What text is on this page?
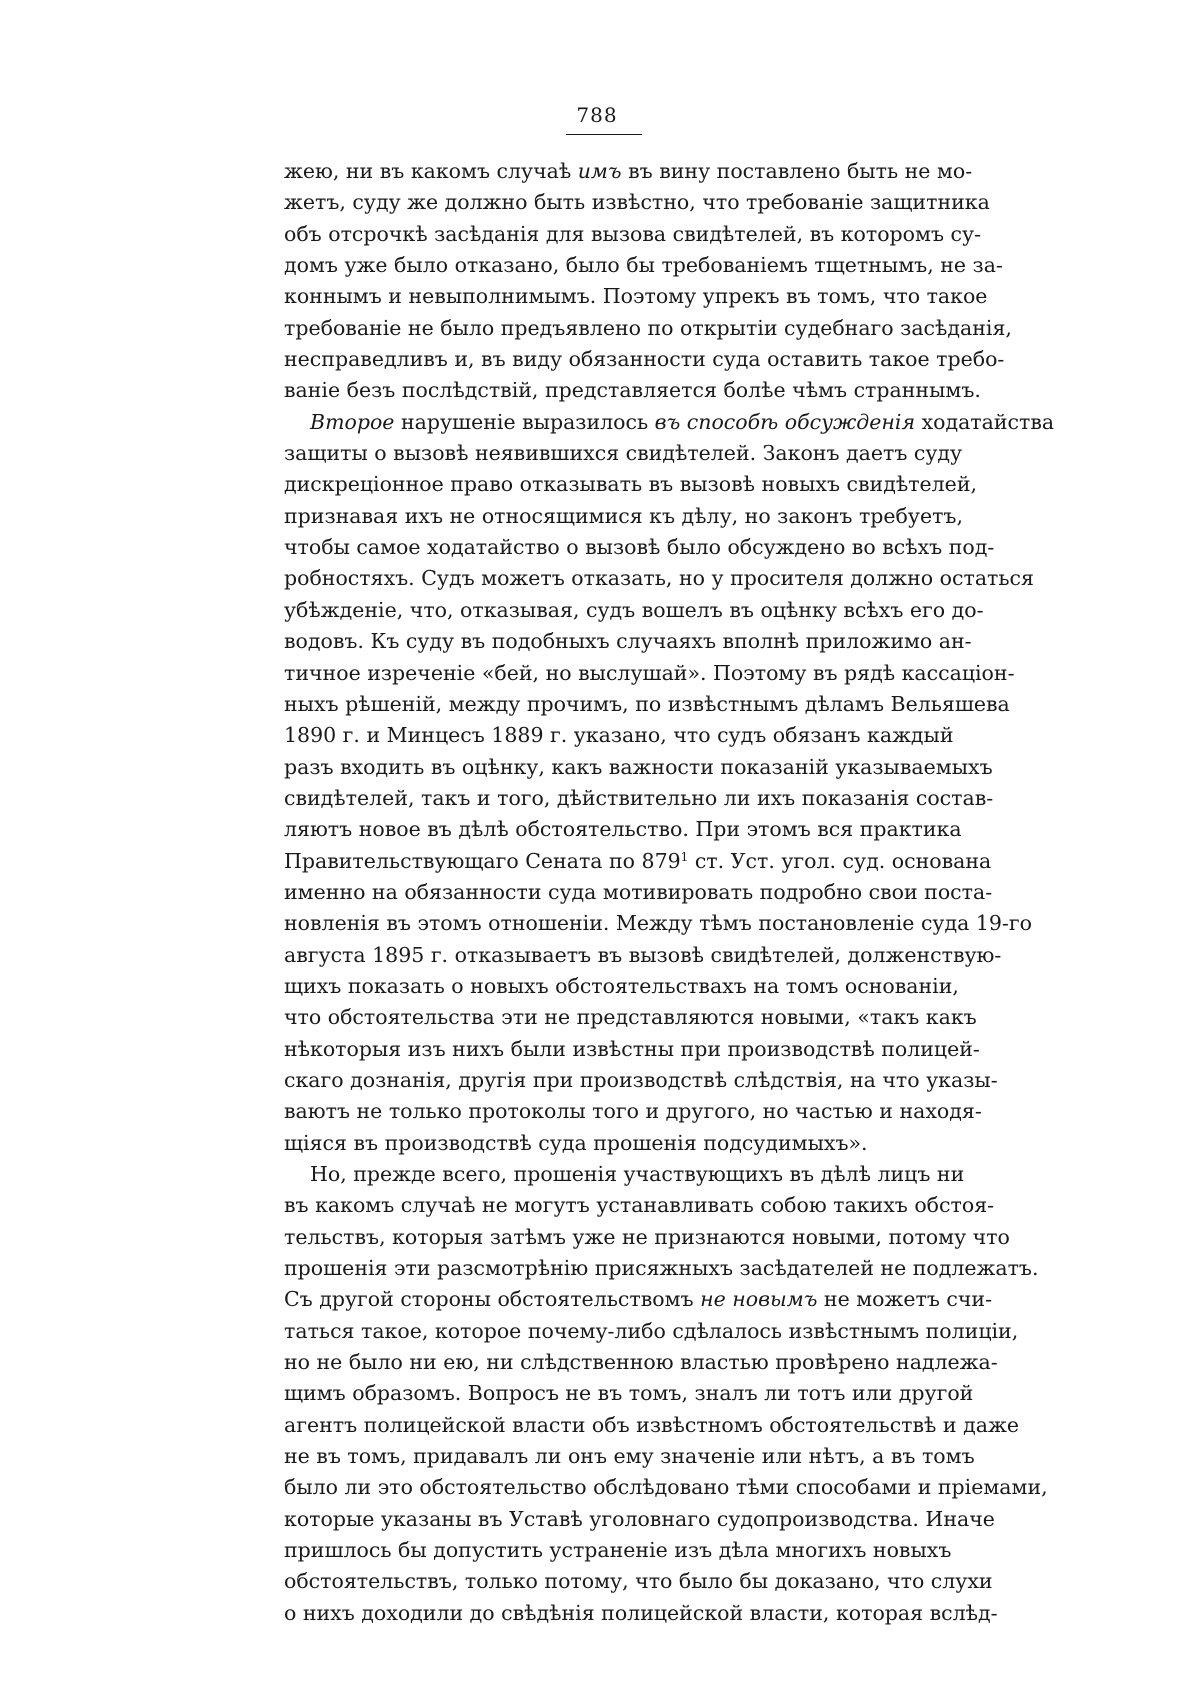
788
жею, ни въ какомъ случаѣ имъ въ вину поставлено быть не мо-
жетъ, суду же должно быть извѣстно, что требованіе защитника
объ отсрочкѣ засѣданія для вызова свидѣтелей, въ которомъ су-
домъ уже было отказано, было бы требованіемъ тщетнымъ, не за-
коннымъ и невыполнимымъ. Поэтому упрекъ въ томъ, что такое
требованіе не было предъявлено по открытіи судебнаго засѣданія,
несправедливъ и, въ виду обязанности суда оставить такое требо-
ваніе безъ послѣдствій, представляется болѣе чѣмъ страннымъ.
Второе нарушеніе выразилось въ способѣ обсужденія ходатайства
защиты о вызовѣ неявившихся свидѣтелей. Законъ даетъ суду
дискреціонное право отказывать въ вызовѣ новыхъ свидѣтелей,
признавая ихъ не относящимися къ дѣлу, но законъ требуетъ,
чтобы самое ходатайство о вызовѣ было обсуждено во всѣхъ под-
робностяхъ. Судъ можетъ отказать, но у просителя должно остаться
убѣжденіе, что, отказывая, судъ вошелъ въ оцѣнку всѣхъ его до-
водовъ. Къ суду въ подобныхъ случаяхъ вполнѣ приложимо ан-
тичное изреченіе «бей, но выслушай». Поэтому въ рядѣ кассаціон-
ныхъ рѣшеній, между прочимъ, по извѣстнымъ дѣламъ Вельяшева
1890 г. и Минцесъ 1889 г. указано, что судъ обязанъ каждый
разъ входить въ оцѣнку, какъ важности показаній указываемыхъ
свидѣтелей, такъ и того, дѣйствительно ли ихъ показанія состав-
ляютъ новое въ дѣлѣ обстоятельство. При этомъ вся практика
Правительствующаго Сената по $879^1$ ст. Уст. угол. суд. основана
именно на обязанности суда мотивировать подробно свои поста-
новленія въ этомъ отношеніи. Между тѣмъ постановленіе суда 19-го
августа 1895 г. отказываетъ въ вызовѣ свидѣтелей, долженствую-
щихъ показать о новыхъ обстоятельствахъ на томъ основаніи,
что обстоятельства эти не представляются новыми, «такъ какъ
нѣкоторыя изъ нихъ были извѣстны при производствѣ полицей-
скаго дознанія, другія при производствѣ слѣдствія, на что указы-
ваютъ не только протоколы того и другого, но частью и находя-
щіяся въ производствѣ суда прошенія подсудимыхъ».
Но, прежде всего, прошенія участвующихъ въ дѣлѣ лицъ ни
въ какомъ случаѣ не могутъ устанавливать собою такихъ обстоя-
тельствъ, которыя затѣмъ уже не признаются новыми, потому что
прошенія эти разсмотрѣнію присяжныхъ засѣдателей не подлежатъ.
Съ другой стороны обстоятельствомъ не новымъ не можетъ счи-
таться такое, которое почему-либо сдѣлалось извѣстнымъ полиціи,
но не было ни ею, ни слѣдственною властью провѣрено надлежа-
щимъ образомъ. Вопросъ не въ томъ, зналъ ли тотъ или другой
агентъ полицейской власти объ извѣстномъ обстоятельствѣ и даже
не въ томъ, придавалъ ли онъ ему значеніе или нѣтъ, а въ томъ
было ли это обстоятельство обслѣдовано тѣми способами и пріемами,
которые указаны въ Уставѣ уголовнаго судопроизводства. Иначе
пришлось бы допустить устраненіе изъ дѣла многихъ новыхъ
обстоятельствъ, только потому, что было бы доказано, что слухи
о нихъ доходили до свѣдѣнія полицейской власти, которая вслѣд-
